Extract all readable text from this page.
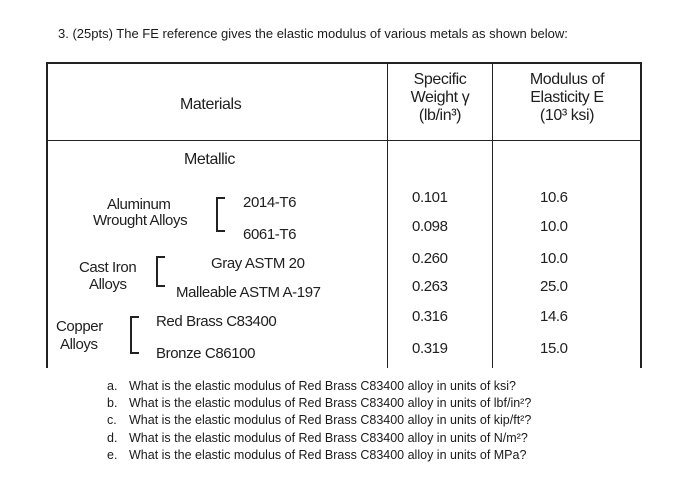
3. (25pts) The FE reference gives the elastic modulus of various metals as shown below:
Materials
Specific
Weight γ
(lb/in³)
Modulus of
Elasticity E
(10³ ksi)
Metallic
Aluminum
Wrought Alloys
2014-T6
6061-T6
Cast Iron
Alloys
Gray ASTM 20
Malleable ASTM A-197
Copper
Alloys
Red Brass C83400
Bronze C86100
0.101
0.098
0.260
0.263
0.316
0.319
10.6
10.0
10.0
25.0
14.6
15.0
a. What is the elastic modulus of Red Brass C83400 alloy in units of ksi?
b. What is the elastic modulus of Red Brass C83400 alloy in units of lbf/in²?
c. What is the elastic modulus of Red Brass C83400 alloy in units of kip/ft²?
d. What is the elastic modulus of Red Brass C83400 alloy in units of N/m²?
e. What is the elastic modulus of Red Brass C83400 alloy in units of MPa?
